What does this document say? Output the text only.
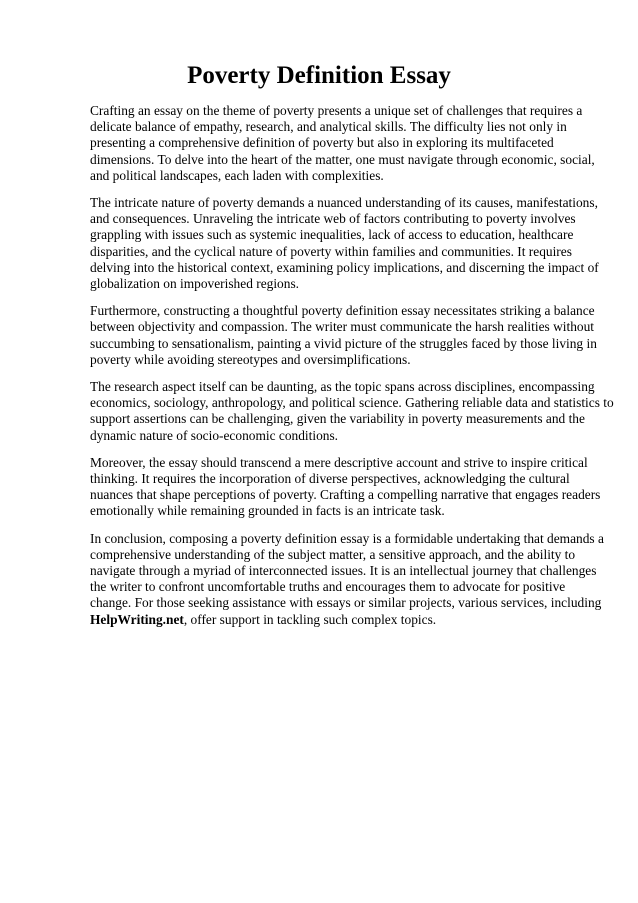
Poverty Definition Essay

Crafting an essay on the theme of poverty presents a unique set of challenges that requires a
delicate balance of empathy, research, and analytical skills. The difficulty lies not only in
presenting a comprehensive definition of poverty but also in exploring its multifaceted
dimensions. To delve into the heart of the matter, one must navigate through economic, social,
and political landscapes, each laden with complexities.

The intricate nature of poverty demands a nuanced understanding of its causes, manifestations,
and consequences. Unraveling the intricate web of factors contributing to poverty involves
grappling with issues such as systemic inequalities, lack of access to education, healthcare
disparities, and the cyclical nature of poverty within families and communities. It requires
delving into the historical context, examining policy implications, and discerning the impact of
globalization on impoverished regions.

Furthermore, constructing a thoughtful poverty definition essay necessitates striking a balance
between objectivity and compassion. The writer must communicate the harsh realities without
succumbing to sensationalism, painting a vivid picture of the struggles faced by those living in
poverty while avoiding stereotypes and oversimplifications.

The research aspect itself can be daunting, as the topic spans across disciplines, encompassing
economics, sociology, anthropology, and political science. Gathering reliable data and statistics to
support assertions can be challenging, given the variability in poverty measurements and the
dynamic nature of socio-economic conditions.

Moreover, the essay should transcend a mere descriptive account and strive to inspire critical
thinking. It requires the incorporation of diverse perspectives, acknowledging the cultural
nuances that shape perceptions of poverty. Crafting a compelling narrative that engages readers
emotionally while remaining grounded in facts is an intricate task.

In conclusion, composing a poverty definition essay is a formidable undertaking that demands a
comprehensive understanding of the subject matter, a sensitive approach, and the ability to
navigate through a myriad of interconnected issues. It is an intellectual journey that challenges
the writer to confront uncomfortable truths and encourages them to advocate for positive
change. For those seeking assistance with essays or similar projects, various services, including
HelpWriting.net, offer support in tackling such complex topics.
